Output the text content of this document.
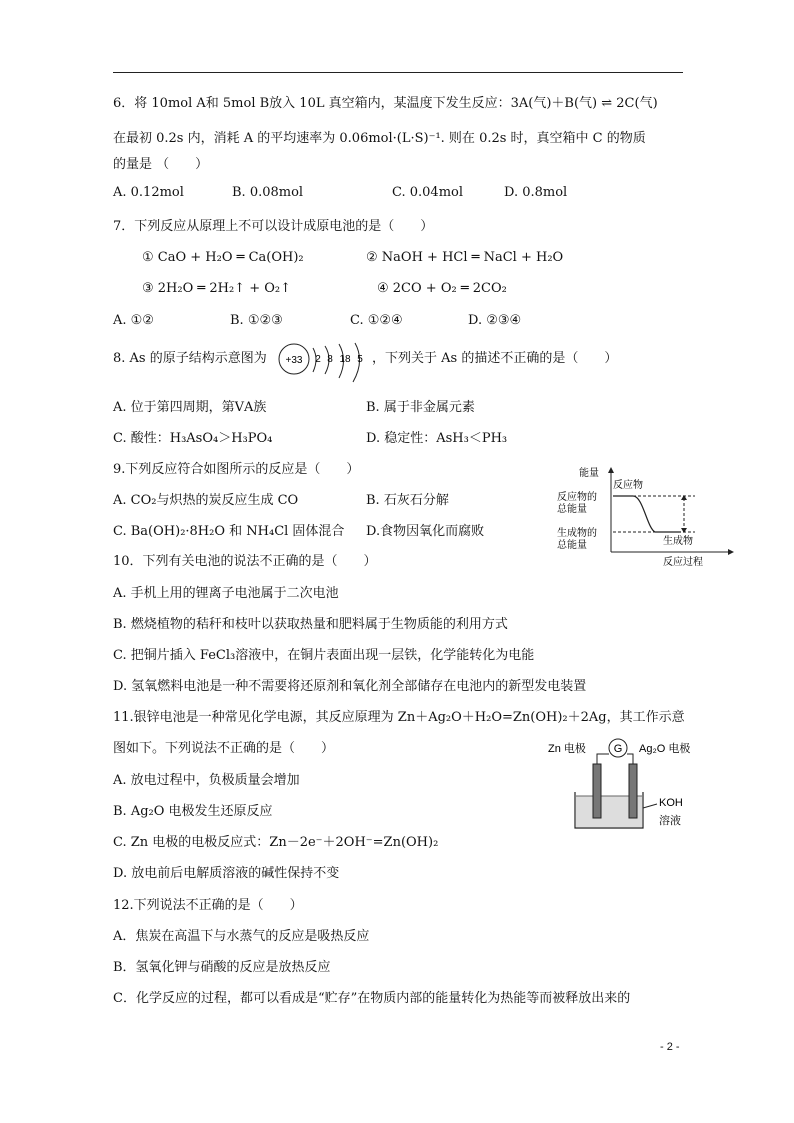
6．将 10mol A和 5mol B放入 10L 真空箱内，某温度下发生反应：3A(气)＋B(气) ⇌ 2C(气)
在最初 0.2s 内，消耗 A 的平均速率为 0.06mol·(L·S)⁻¹. 则在 0.2s 时，真空箱中 C 的物质
的量是 （　　）
A. 0.12mol	B. 0.08mol	C. 0.04mol	D. 0.8mol
7．下列反应从原理上不可以设计成原电池的是（　　）
① CaO + H₂O ═ Ca(OH)₂	② NaOH + HCl ═ NaCl + H₂O
③ 2H₂O ═ 2H₂↑ + O₂↑	④ 2CO + O₂ ═ 2CO₂
A. ①②	B. ①②③	C. ①②④	D. ②③④
8. As 的原子结构示意图为 +33 2 8 18 5 ，下列关于 As 的描述不正确的是（　　）
A. 位于第四周期，第ⅤA族	B. 属于非金属元素
C. 酸性：H₃AsO₄＞H₃PO₄	D. 稳定性：AsH₃＜PH₃
9.下列反应符合如图所示的反应是（　　）
A. CO₂与炽热的炭反应生成 CO	B. 石灰石分解
C. Ba(OH)₂·8H₂O 和 NH₄Cl 固体混合 D.食物因氧化而腐败
能量
反应物
反应物的
总能量
生成物的
总能量	生成物
反应过程
10．下列有关电池的说法不正确的是（　　）
A. 手机上用的锂离子电池属于二次电池
B. 燃烧植物的秸秆和枝叶以获取热量和肥料属于生物质能的利用方式
C. 把铜片插入 FeCl₃溶液中，在铜片表面出现一层铁，化学能转化为电能
D. 氢氧燃料电池是一种不需要将还原剂和氧化剂全部储存在电池内的新型发电装置
11.银锌电池是一种常见化学电源，其反应原理为 Zn＋Ag₂O＋H₂O=Zn(OH)₂＋2Ag，其工作示意
图如下。下列说法不正确的是（　　）
A. 放电过程中，负极质量会增加
B. Ag₂O 电极发生还原反应
C. Zn 电极的电极反应式：Zn－2e⁻＋2OH⁻=Zn(OH)₂
D. 放电前后电解质溶液的碱性保持不变
Zn 电极	G Ag₂O 电极
KOH
溶液
12.下列说法不正确的是（　　）
A．焦炭在高温下与水蒸气的反应是吸热反应
B．氢氧化钾与硝酸的反应是放热反应
C．化学反应的过程，都可以看成是“贮存”在物质内部的能量转化为热能等而被释放出来的
- 2 -
